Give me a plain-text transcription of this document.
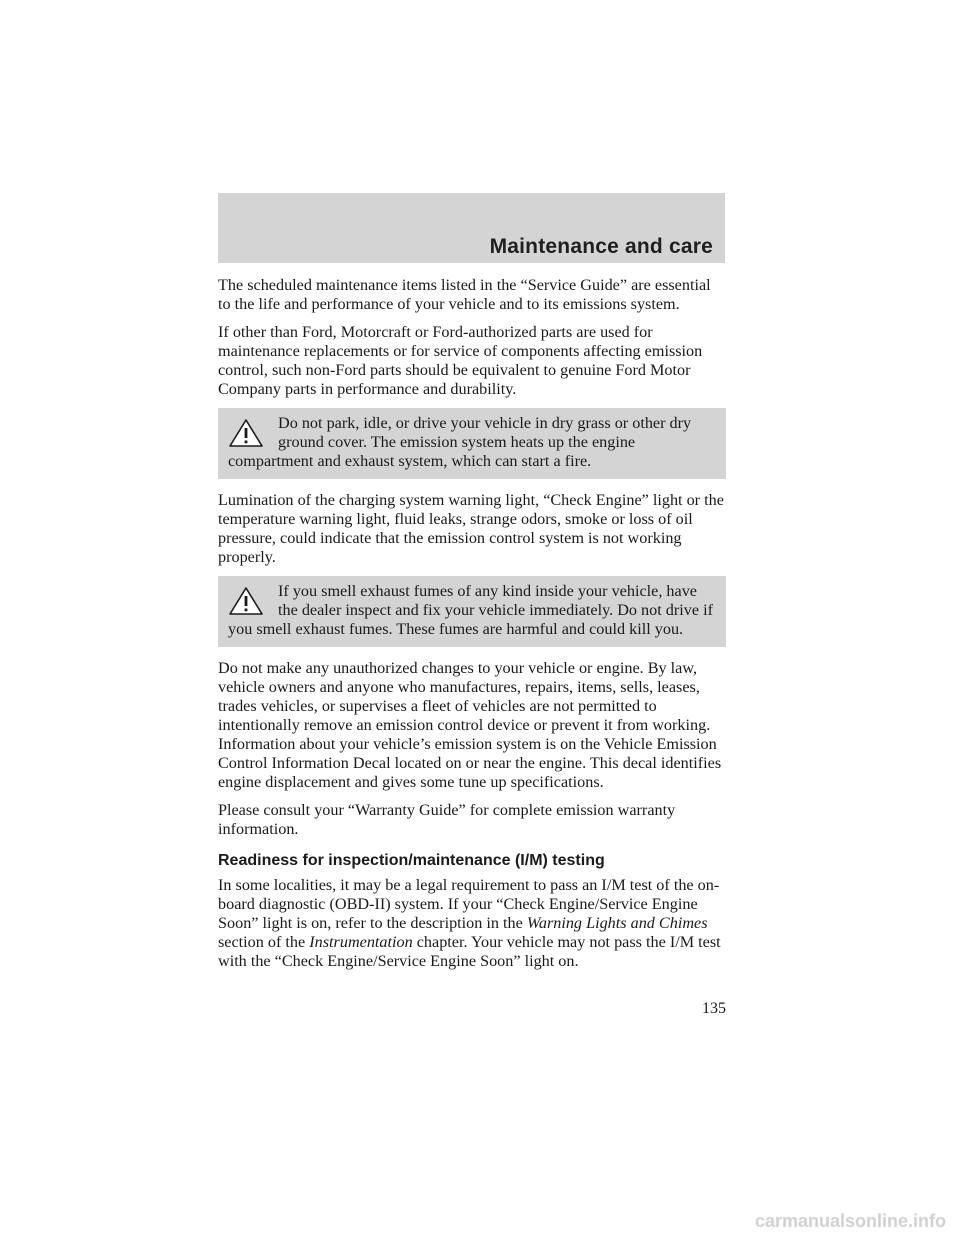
Maintenance and care

The scheduled maintenance items listed in the “Service Guide” are essential to the life and performance of your vehicle and to its emissions system.

If other than Ford, Motorcraft or Ford-authorized parts are used for maintenance replacements or for service of components affecting emission control, such non-Ford parts should be equivalent to genuine Ford Motor Company parts in performance and durability.

Do not park, idle, or drive your vehicle in dry grass or other dry ground cover. The emission system heats up the engine compartment and exhaust system, which can start a fire.

Lumination of the charging system warning light, “Check Engine” light or the temperature warning light, fluid leaks, strange odors, smoke or loss of oil pressure, could indicate that the emission control system is not working properly.

If you smell exhaust fumes of any kind inside your vehicle, have the dealer inspect and fix your vehicle immediately. Do not drive if you smell exhaust fumes. These fumes are harmful and could kill you.

Do not make any unauthorized changes to your vehicle or engine. By law, vehicle owners and anyone who manufactures, repairs, items, sells, leases, trades vehicles, or supervises a fleet of vehicles are not permitted to intentionally remove an emission control device or prevent it from working. Information about your vehicle’s emission system is on the Vehicle Emission Control Information Decal located on or near the engine. This decal identifies engine displacement and gives some tune up specifications.

Please consult your “Warranty Guide” for complete emission warranty information.

Readiness for inspection/maintenance (I/M) testing

In some localities, it may be a legal requirement to pass an I/M test of the on-board diagnostic (OBD-II) system. If your “Check Engine/Service Engine Soon” light is on, refer to the description in the Warning Lights and Chimes section of the Instrumentation chapter. Your vehicle may not pass the I/M test with the “Check Engine/Service Engine Soon” light on.

135
carmanualsonline.info
